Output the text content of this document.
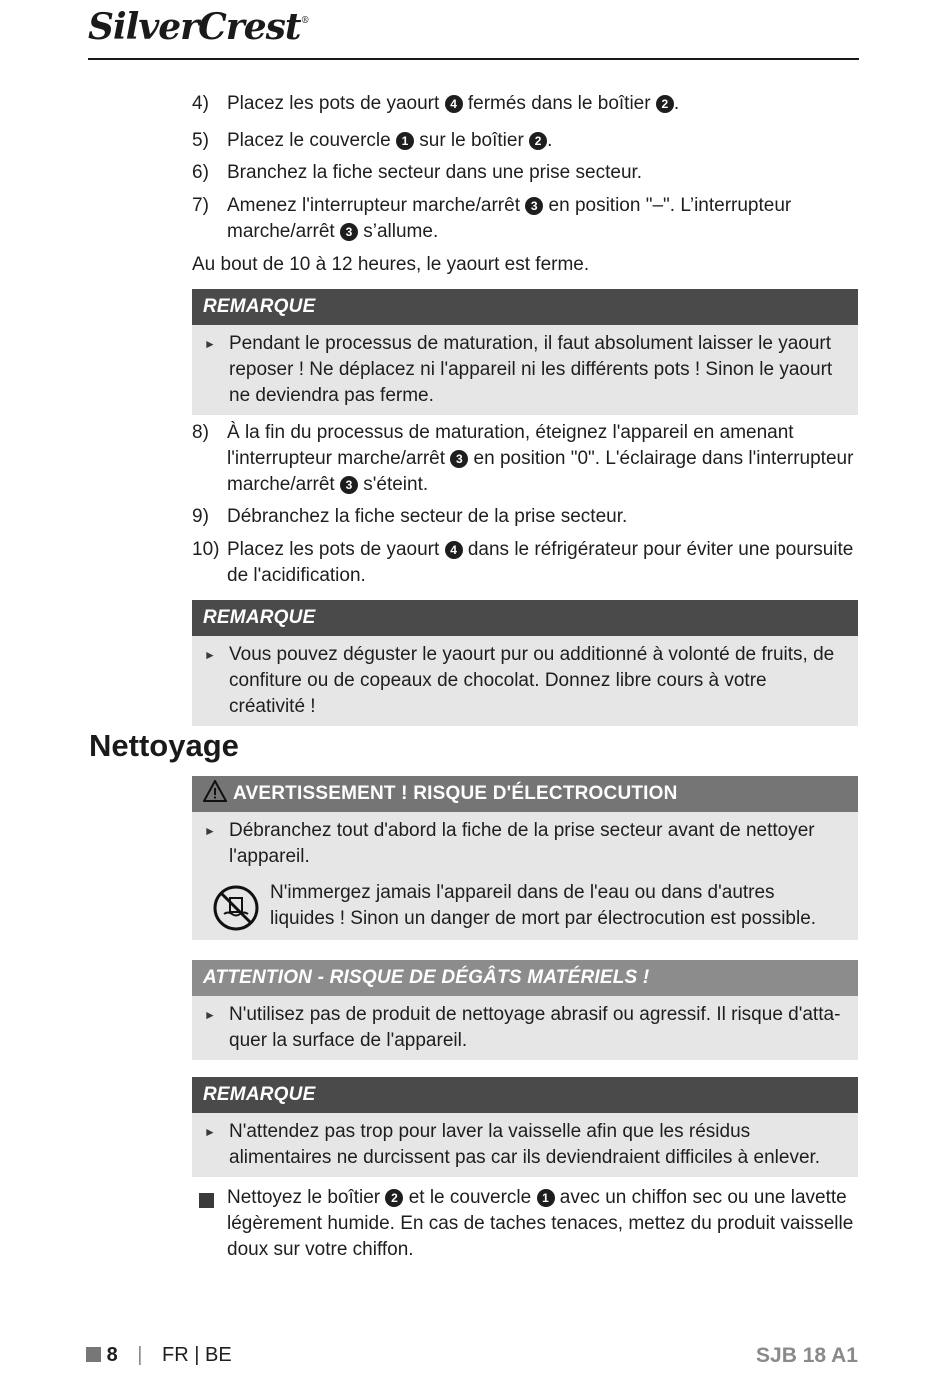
SilverCrest®
4) Placez les pots de yaourt 4 fermés dans le boîtier 2 .
5) Placez le couvercle 1 sur le boîtier 2 .
6) Branchez la fiche secteur dans une prise secteur.
7) Amenez l'interrupteur marche/arrêt 3 en position "–". L’interrupteur marche/arrêt 3 s’allume.
Au bout de 10 à 12 heures, le yaourt est ferme.
REMARQUE
► Pendant le processus de maturation, il faut absolument laisser le yaourt reposer ! Ne déplacez ni l'appareil ni les différents pots ! Sinon le yaourt ne deviendra pas ferme.
8) À la fin du processus de maturation, éteignez l'appareil en amenant l'interrupteur marche/arrêt 3 en position "0". L'éclairage dans l'interrupteur marche/arrêt 3 s'éteint.
9) Débranchez la fiche secteur de la prise secteur.
10) Placez les pots de yaourt 4 dans le réfrigérateur pour éviter une poursuite de l'acidification.
REMARQUE
► Vous pouvez déguster le yaourt pur ou additionné à volonté de fruits, de confiture ou de copeaux de chocolat. Donnez libre cours à votre créativité !
Nettoyage
AVERTISSEMENT ! RISQUE D'ÉLECTROCUTION
► Débranchez tout d'abord la fiche de la prise secteur avant de nettoyer l'appareil.
N'immergez jamais l'appareil dans de l'eau ou dans d'autres liquides ! Sinon un danger de mort par électrocution est possible.
ATTENTION - RISQUE DE DÉGÂTS MATÉRIELS !
► N'utilisez pas de produit de nettoyage abrasif ou agressif. Il risque d'attaquer la surface de l'appareil.
REMARQUE
► N'attendez pas trop pour laver la vaisselle afin que les résidus alimentaires ne durcissent pas car ils deviendraient difficiles à enlever.
Nettoyez le boîtier 2 et le couvercle 1 avec un chiffon sec ou une lavette légèrement humide. En cas de taches tenaces, mettez du produit vaisselle doux sur votre chiffon.
8 | FR | BE	SJB 18 A1
